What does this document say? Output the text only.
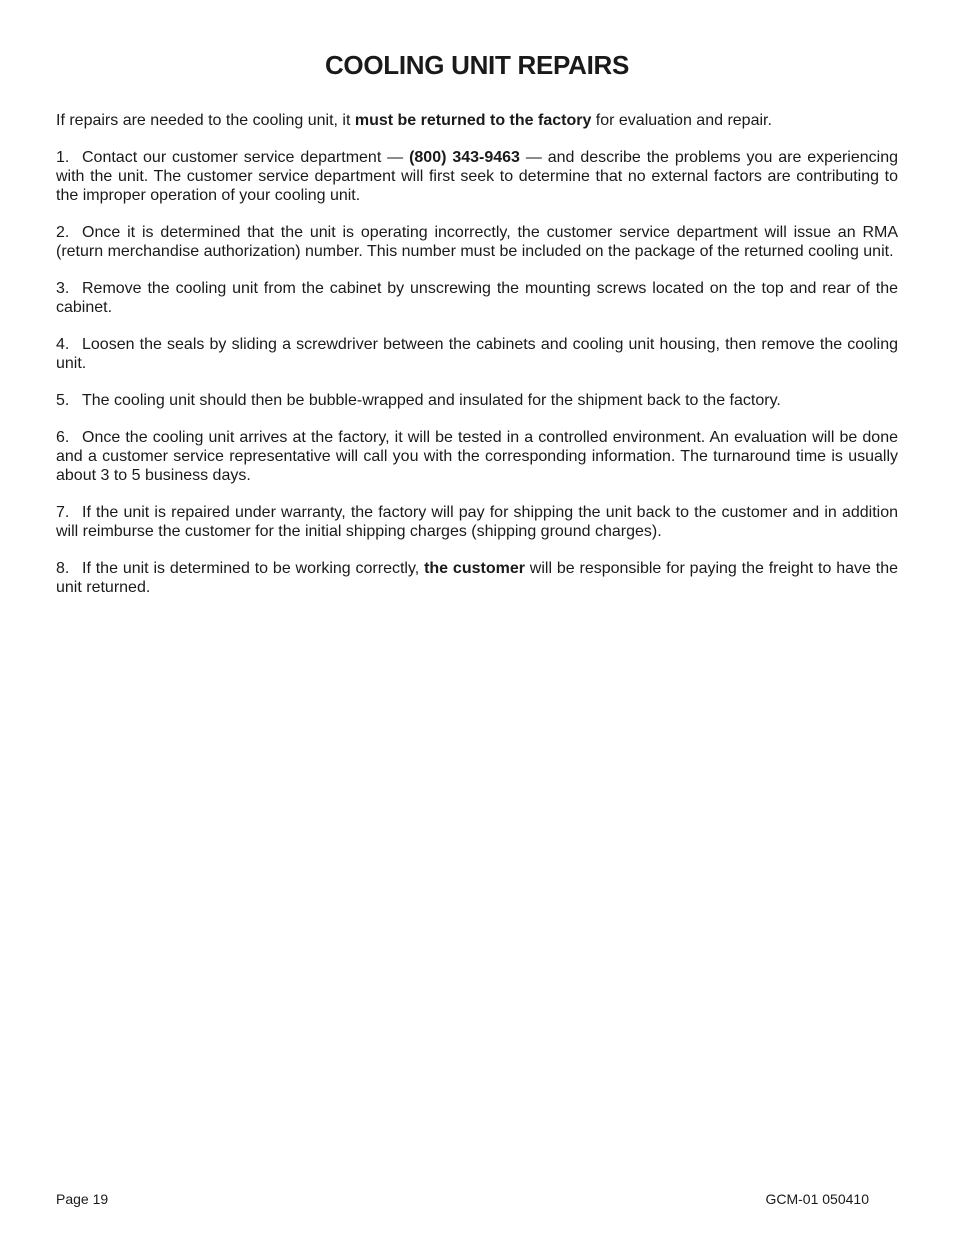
COOLING UNIT REPAIRS

If repairs are needed to the cooling unit, it must be returned to the factory for evaluation and repair.

1. Contact our customer service department — (800) 343-9463 — and describe the problems you are experiencing with the unit. The customer service department will first seek to determine that no external factors are contributing to the improper operation of your cooling unit.

2. Once it is determined that the unit is operating incorrectly, the customer service department will issue an RMA (return merchandise authorization) number. This number must be included on the package of the returned cooling unit.

3. Remove the cooling unit from the cabinet by unscrewing the mounting screws located on the top and rear of the cabinet.

4. Loosen the seals by sliding a screwdriver between the cabinets and cooling unit housing, then remove the cooling unit.

5. The cooling unit should then be bubble-wrapped and insulated for the shipment back to the factory.

6. Once the cooling unit arrives at the factory, it will be tested in a controlled environment. An evaluation will be done and a customer service representative will call you with the corresponding information. The turnaround time is usually about 3 to 5 business days.

7. If the unit is repaired under warranty, the factory will pay for shipping the unit back to the customer and in addition will reimburse the customer for the initial shipping charges (shipping ground charges).

8. If the unit is determined to be working correctly, the customer will be responsible for paying the freight to have the unit returned.

Page 19	GCM-01 050410
